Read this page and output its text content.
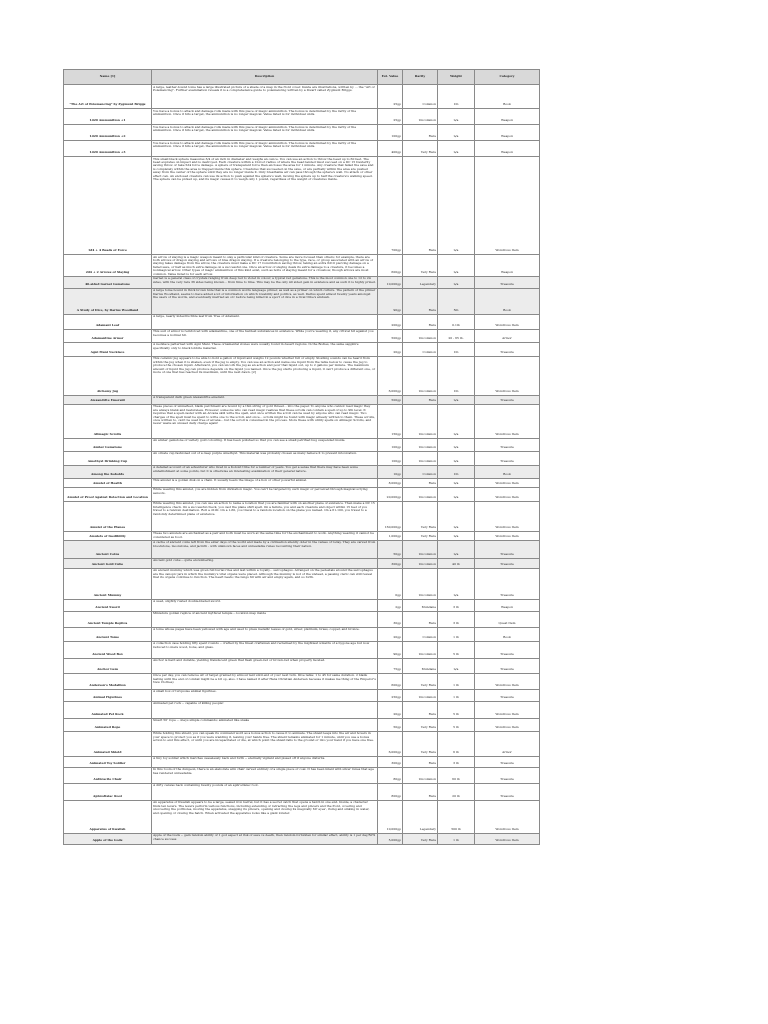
Name [1]	Description	Est. Value	Rarity	Weight	Category
"The Art of Polemancing" by Zygmunt Briggs	A large, leather-bound tome has a large illustrated picture of a shade of a map in the front cover. Inside are illustrations, written by ... the "Art of Polemancing". Further examination reveals it is a comprehensive guide to polemancing written by a Dwarf called Zygmunt Briggs.	25gp	Common	1lb	Book
1d20 Ammunition +1	You have a bonus to attack and damage rolls made with this piece of magic ammunition. The bonus is determined by the rarity of the ammunition. Once it hits a target, the ammunition is no longer magical. Value listed is for individual units.	25gp	Uncommon	n/a	Weapon
1d20 Ammunition +2	You have a bonus to attack and damage rolls made with this piece of magic ammunition. The bonus is determined by the rarity of the ammunition. Once it hits a target, the ammunition is no longer magical. Value listed is for individual units.	100gp	Rare	n/a	Weapon
1d20 Ammunition +3	You have a bonus to attack and damage rolls made with this piece of magic ammunition. The bonus is determined by the rarity of the ammunition. Once it hits a target, the ammunition is no longer magical. Value listed is for individual units.	400gp	Very Rare	n/a	Weapon
1d4 + 4 Beads of Force	This small black sphere measures 3/4 of an inch in diameter and weighs an ounce. You can use an action to throw the bead up to 60 feet. The bead explodes on impact and is destroyed. Each creature within a 10-foot radius of where the bead landed must succeed on a DC 15 Dexterity saving throw or take 5d4 force damage. A sphere of transparent force then encloses the area for 1 minute. Any creature that failed the save and is completely within the area is trapped inside this sphere. Creatures that succeeded on the save, or are partially within the area are pushed away from the center of the sphere until they are no longer inside it. Only breathable air can pass through the sphere's wall. No attack or other effect can. An enclosed creature can use its action to push against the sphere's wall, moving the sphere up to half the creature's walking speed. The sphere can be picked up, and its magic causes it to weigh only 1 pound, regardless of the weight of creatures inside.	700gp	Rare	n/a	Wondrous Item
2d4 + 2 Arrows of Slaying	An arrow of slaying is a magic weapon meant to slay a particular kind of creature. Some are more focused than others; for example, there are both arrows of dragon slaying and arrows of blue dragon slaying. If a creature belonging to the type, race, or group associated with an arrow of slaying takes damage from the arrow, the creature must make a DC 17 Constitution saving throw, taking an extra 6d10 piercing damage on a failed save, or half as much extra damage on a successful one. Once an arrow of slaying deals its extra damage to a creature, it becomes a nonmagical arrow. Other types of magic ammunition of this kind exist, such as bolts of slaying meant for a crossbow, though arrows are most common. Value listed is for each arrow.	600gp	Very Rare	n/a	Weapon
40-sided Garnet Gemstone	Garnet is a general class of crystals ranging from deep red to violet in colour, a typical red gemstone. This is the most common one to 12 to 24 sides, with the very rare 36 sides being known... from time to time. This may be the only 40 sided gem in existence and as such it is highly prized.	10,000gp	Legendary	n/a	Treasure
A Study of Dice, by Darius Woodland	A large tome bound in thick brown hide that is a common words language primer, as well as a primer on which culture. The pattern of the primer Darius Woodland, seems to have added a lot of information on which lovability and politics, as well. Darius spent almost twenty years amongst the users of the words, and eventually married an orc before being killed in a sport of dice in a rival tribe's ambush.	90gp	Rare	5lb	Book
Adamant Leaf	A large, nearly indestructible leaf from Tree of Adamant.	200gp	Rare	0.1lb	Wondrous Item
Adamantine Armor	This suit of armor is reinforced with adamantine, one of the hardest substances in existence. While you're wearing it, any critical hit against you becomes a normal hit.	500gp	Uncommon	20 - 65 lb.	Armor
Agni Mani Necklace	A necklace patterned with Agni Mani. These ornamental stones were usually found in desert regions. In the Bodies, the same sapphire specifically only to black lobbite material.	20gp	Common	1lb	Treasure
Alchemy Jug	This ceramic jug appears to be able to hold a gallon of liquid and weighs 12 pounds whether full or empty. Sloshing sounds can be heard from within the jug when it is shaken, even if the jug is empty. You can use an action and name one liquid from the table below to cause the jug to produce the chosen liquid. Afterward, you can uncork the jug as an action and pour that liquid out, up to 2 gallons per minute. The maximum amount of liquid the jug can produce depends on the liquid you named. Once the jug starts producing a liquid, it can't produce a different one, or more of one that has reached its maximum, until the next dawn. [2]	6,000gp	Uncommon	1lb	Wondrous Item
Alexandrite Emerald	A transparent dark green Alexandrite emerald.	500gp	Rare	n/a	Treasure
Allmagic Scrolls	These pieces of unmarked, blank parchment are bound by a thin string of gold thread... into the paper. To anyone who cannot read magic they are always blank and featureless. However, someone who can read magic realizes that these scrolls can contain a spell of up to 9th level. It requires that a spell-caster with an Arcana skill write the spell, and once written the scroll can be used by anyone who can read magic. Two charges of the spell must be spent to write one to the scroll, and once... scrolls might be found with magic already written to them. These scrolls, once written to, can't be used free of arcana... but the scroll is consumed in the process. Store these with utility spells on Allmagic Scrolls, and never waste an unused daily charge again!	150gp	Uncommon	n/a	Wondrous Item
Amber Gemstone	An amber gemstone of variety gold colouring. It has been polished so that you can see a small petrified bug suspended inside.	100gp	Uncommon	n/a	Treasure
Amethyst Drinking Cup	An ornate cup fashioned out of a deep purple Amethyst. This material was probably chosen as many believe it to prevent intoxication.	100gp	Uncommon	n/a	Treasure
Among the Kobolds	A detailed account of an adventurer who lived in a Kobold tribe for a number of years. You get a sense that there may have been some embellishment at some points, but it is otherwise an interesting examination of their general nature.	10gp	Common	1lb	Book
Amulet of Health	This amulet is a golden disk on a chain. It usually bears the image of a lion or other powerful animal.	8,000gp	Rare	n/a	Wondrous Item
Amulet of Proof Against Detection and Location	While wearing this amulet, you are hidden from divination magic. You can't be targeted by such magic or perceived through magical scrying sensors.	20,000gp	Uncommon	n/a	Wondrous Item
Amulet of the Planes	While wearing this amulet, you can use an action to name a location that you are familiar with on another plane of existence. Then make a DC 15 Intelligence check. On a successful check, you cast the plane shift spell. On a failure, you and each creature and object within 15 feet of you travel to a random destination. Roll a d100. On a 1-60, you travel to a random location on the plane you named. On a 61-100, you travel to a randomly determined plane of existence.	160,000gp	Very Rare	n/a	Wondrous Item
Amulets of Inedibility	These two amulets are enchanted as a pair and both must be worn at the same time for the enchantment to work. Anything wearing it cannot be considered as food.	1,000gp	Very Rare	n/a	Wondrous Item
Ancient Coins	A cache of ancient coins left from the elder days of the world and made by a civilisation silently older in the values of today. They are carved from bloodstone, moonstone, and jacinth - with unknown faces and unreadable runes recounting their nation.	50gp	Uncommon	n/a	Treasure
Ancient Gold Cube	Ancient gold cube -- quite encumbering.	300gp	Uncommon	40 lb	Treasure
Ancient Mummy	An ancient mummy which was given full burial rites and laid within a royally... sarcophagus. Arranged on the pedestals around the sarcophagus are the canopic jars in which the mummy's vital organs were placed. Although the mummy is not of the undead, a passing cleric can still reveal that its organs continue to function. The heart beats; the lungs fill with air and empty again, and so forth.	0gp	Uncommon	n/a	Treasure
Ancient Sword	A used, slightly rusted double-bladed sword.	2gp	Mundane	3 lb	Weapon
Ancient Temple Replica	Miniature golden replica of ancient mythical temple -- location map inside	30gp	Rare	3 lb	Quest Item
Ancient Tome	A tome whose pages have been yellowed with age and used to press metallic leaves of gold, silver, platinum, brass, copper, and bronze.	20gp	Common	1 lb	Book
Ancient Wood Box	A collection case holding fifty spent rounds -- crafted by the finest craftsman and reclaimed by the mightiest wizards of a bygone age but now reduced to mere wood, bone, and glass.	90gp	Uncommon	5 lb	Treasure
Anchor Gem	Anchor is hard and durable, yielding translucent green that flash green-red or brown-red when properly faceted.	75gp	Mundane	n/a	Treasure
Anderson's Medallion	Once per day, you can remove AC of target granted by armour laid until end of your next turn. Dive table: 1 to 45 for same duration. 2 blank lasting until the end of combat might be a bit op, also. I have named it after Hans Christian Andersen because it makes me thing of the Emperor's New Clothes)	600gp	Very Rare	1 lb	Wondrous Item
Animal Figurines	A small box of turquoise animal figurines.	250gp	Uncommon	1 lb	Treasure
Animated Pet Rock	Animated pet rock -- capable of killing people!	20gp	Rare	5 lb	Wondrous Item
Animated Rope	Smart 50' rope -- obeys simple commands; animated like snake	50gp	Very Rare	5 lb	Wondrous Item
Animated Shield	While holding this shield, you can speak its command word as a bonus action to cause it to animate. The shield leaps into the air and hovers in your space to protect you as if you were wielding it, leaving your hands free. The shield remains animated for 1 minute, until you use a bonus action to end this effect, or until you are incapacitated or die, at which point the shield falls to the ground or into your hand if you have one free.	6,000gp	Very Rare	6 lb	Armor
Animated Toy Soldier	A tiny toy soldier which marches ceaselessly back and forth -- eternally vigilant and pissed off if anyone disturbs.	300gp	Rare	3 lb	Treasure
Anthracite Chair	In this room of the dungeon, there is an elaborate arm chair carved entirely of a single piece of coal. It has been inlaid with silver runes that age has rendered unreadable.	80gp	Uncommon	60 lb	Treasure
Aphrodisiac Root	A dirty canvas back containing twenty pounds of an aphrodisiac root.	800gp	Rare	20 lb	Treasure
Apparatus of Kwalish	An apparatus of Kwalish appears to be a large, sealed iron barrel, but it has a secret catch that opens a hatch in one end. Inside, a character finds ten levers. The levers perform various functions, including extending or retracting the legs and pincers and the front, covering and uncovering the portholes, moving the apparatus, snapping its pincers, opening and closing its magically 60' eyes', rising and sinking in water, and opening or closing the hatch. When activated the apparatus looks like a giant lobster.	10,000gp	Legendary	500 lb	Wondrous Item
Apple of the Gods	Apple of the Gods -- gain random ability of 1 god aspect at risk of save vs death, then random forbidden for similar effect, ability is 1 per day/50% chance success	5,000gp	Very Rare	1 lb	Wondrous Item
